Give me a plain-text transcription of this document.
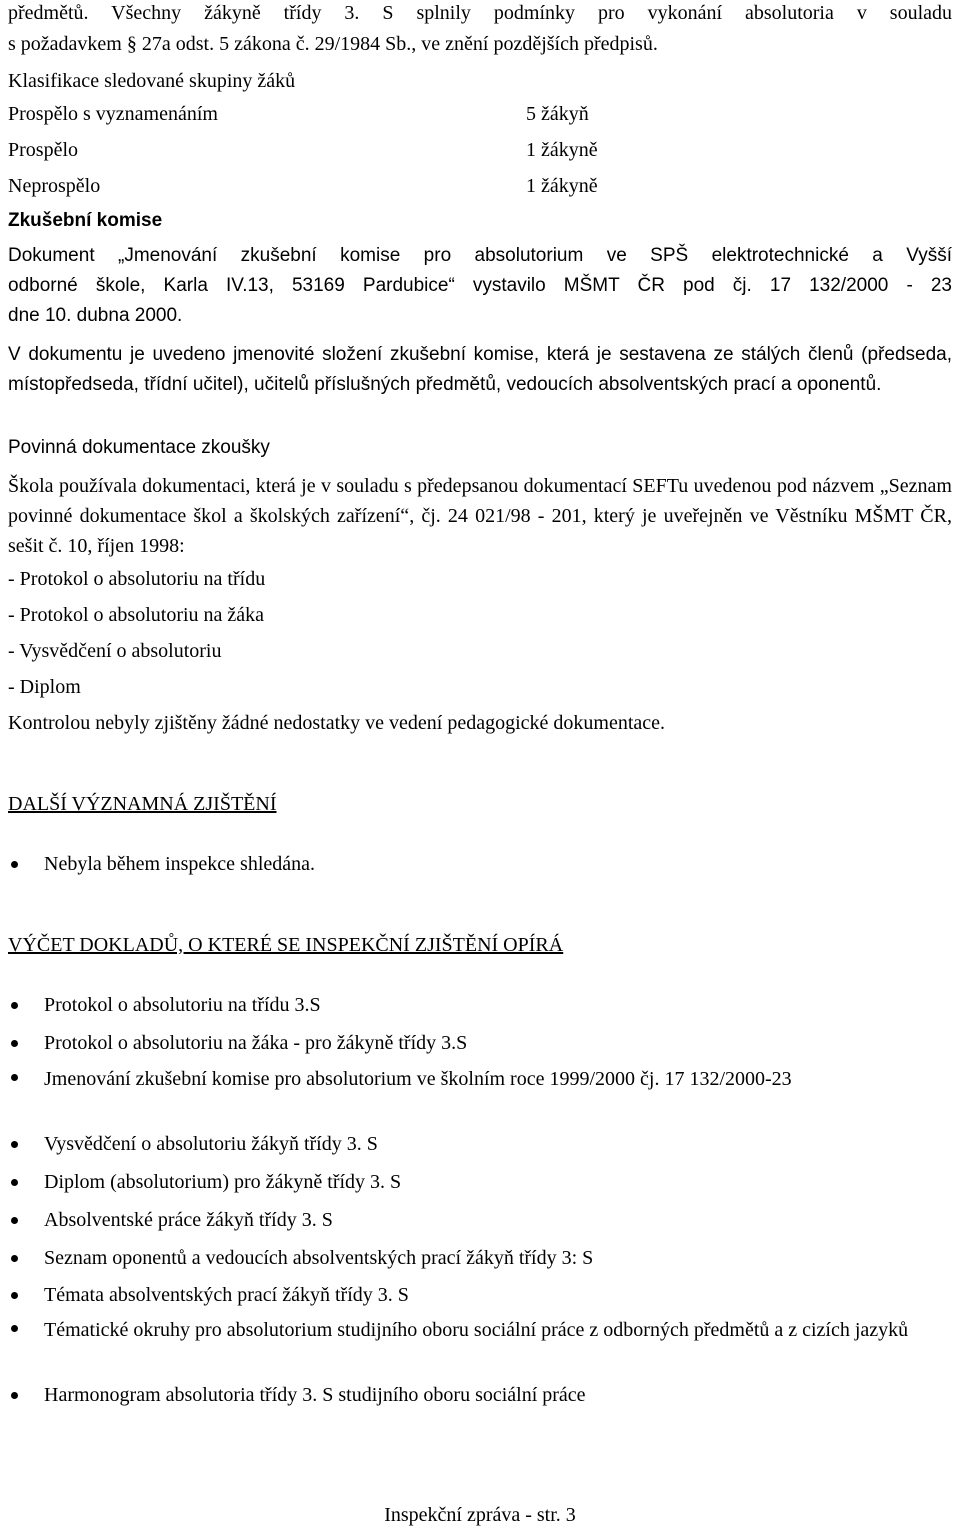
předmětů. Všechny žákyně třídy 3. S splnily podmínky pro vykonání absolutoria v souladu
s požadavkem § 27a odst. 5 zákona č. 29/1984 Sb., ve znění pozdějších předpisů.
Klasifikace sledované skupiny žáků
Prospělo s vyznamenáním	5 žákyň
Prospělo	1 žákyně
Neprospělo	1 žákyně
Zkušební komise
Dokument „Jmenování zkušební komise pro absolutorium ve SPŠ elektrotechnické a Vyšší
odborné škole, Karla IV.13, 53169 Pardubice“ vystavilo MŠMT ČR pod čj. 17 132/2000 - 23
dne 10. dubna 2000.
V dokumentu je uvedeno jmenovité složení zkušební komise, která je sestavena ze stálých členů (předseda, místopředseda, třídní učitel), učitelů příslušných předmětů, vedoucích absolventských prací a oponentů.
Povinná dokumentace zkoušky
Škola používala dokumentaci, která je v souladu s předepsanou dokumentací SEFTu uvedenou pod názvem „Seznam povinné dokumentace škol a školských zařízení“, čj. 24 021/98 - 201, který je uveřejněn ve Věstníku MŠMT ČR, sešit č. 10, říjen 1998:
- Protokol o absolutoriu na třídu
- Protokol o absolutoriu na žáka
- Vysvědčení o absolutoriu
- Diplom
Kontrolou nebyly zjištěny žádné nedostatky ve vedení pedagogické dokumentace.
DALŠÍ VÝZNAMNÁ ZJIŠTĚNÍ
Nebyla během inspekce shledána.
VÝČET DOKLADŮ, O KTERÉ SE INSPEKČNÍ ZJIŠTĚNÍ OPÍRÁ
Protokol o absolutoriu na třídu 3.S
Protokol o absolutoriu na žáka - pro žákyně třídy 3.S
Jmenování zkušební komise pro absolutorium ve školním roce 1999/2000 čj. 17 132/2000-23
Vysvědčení o absolutoriu žákyň třídy 3. S
Diplom (absolutorium) pro žákyně třídy 3. S
Absolventské práce žákyň třídy 3. S
Seznam oponentů a vedoucích absolventských prací žákyň třídy 3: S
Témata absolventských prací žákyň třídy 3. S
Tématické okruhy pro absolutorium studijního oboru sociální práce z odborných předmětů a z cizích jazyků
Harmonogram absolutoria třídy 3. S studijního oboru sociální práce
Inspekční zpráva - str. 3
